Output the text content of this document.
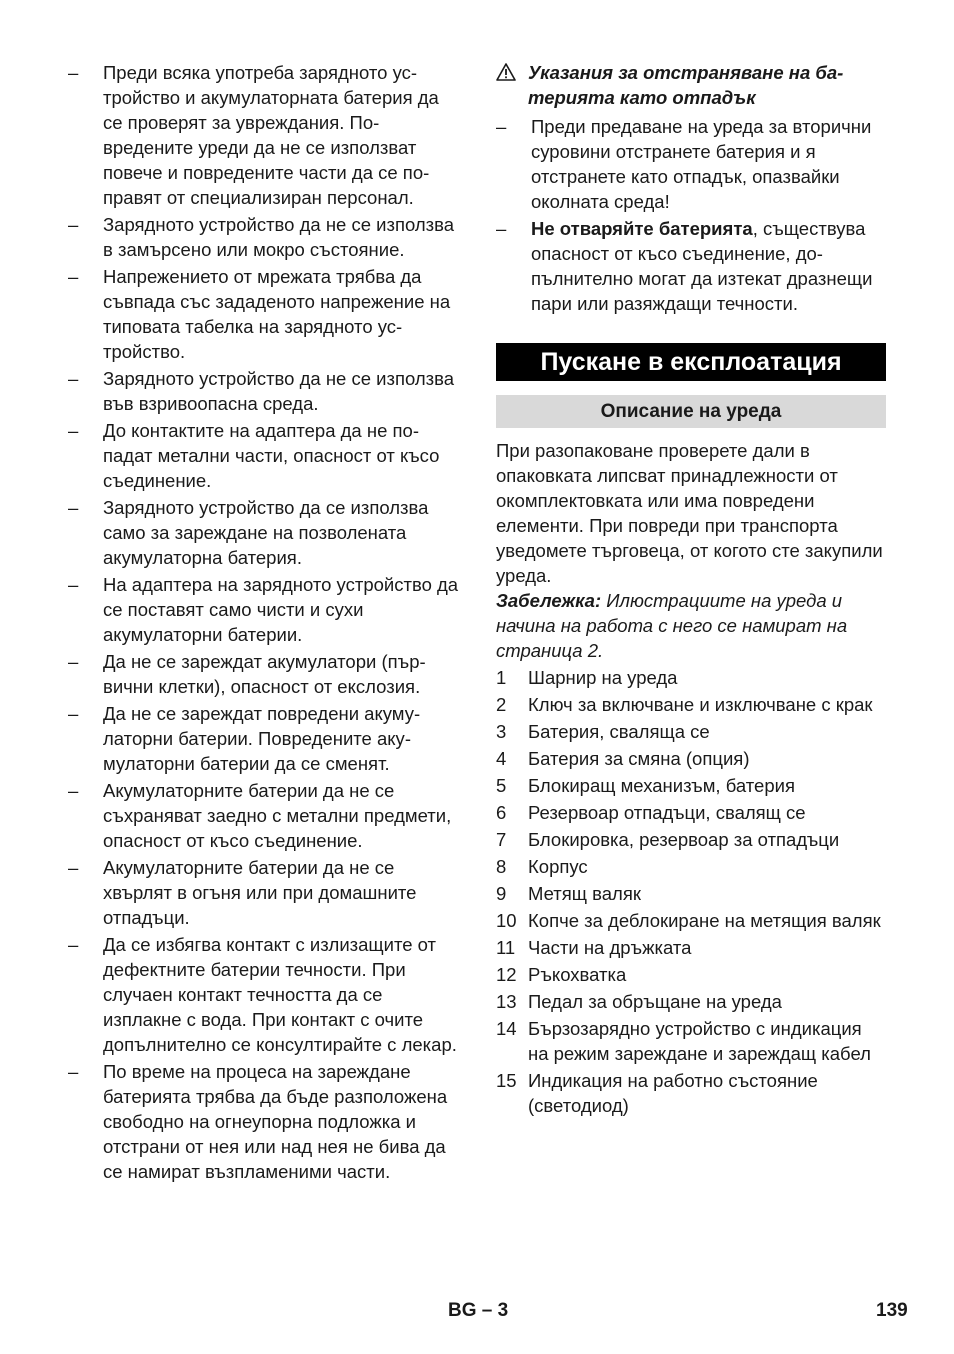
–	Преди всяка употреба зарядното устройство и акумулаторната батерия да се проверят за увреждания. Повредените уреди да не се използват повече и повредените части да се поправят от специализиран персонал.
–	Зарядното устройство да не се използва в замърсено или мокро състояние.
–	Напрежението от мрежата трябва да съвпада със зададеното напрежение на типовата табелка на зарядното устройство.
–	Зарядното устройство да не се използва във взривоопасна среда.
–	До контактите на адаптера да не попадат метални части, опасност от късо съединение.
–	Зарядното устройство да се използва само за зареждане на позволената акумулаторна батерия.
–	На адаптера на зарядното устройство да се поставят само чисти и сухи акумулаторни батерии.
–	Да не се зареждат акумулатори (първични клетки), опасност от екслозия.
–	Да не се зареждат повредени акумулаторни батерии. Повредените акумулаторни батерии да се сменят.
–	Акумулаторните батерии да не се съхраняват заедно с метални предмети, опасност от късо съединение.
–	Акумулаторните батерии да не се хвърлят в огъня или при домашните отпадъци.
–	Да се избягва контакт с излизащите от дефектните батерии течности. При случаен контакт течността да се изплакне с вода. При контакт с очите допълнително се консултирайте с лекар.
–	По време на процеса на зареждане батерията трябва да бъде разположена свободно на огнеупорна подложка и отстрани от нея или над нея не бива да се намират възпламеними части.
Указания за отстраняване на батерията като отпадък
–	Преди предаване на уреда за вторични суровини отстранете батерия и я отстранете като отпадък, опазвайки околната среда!
–	Не отваряйте батерията, съществува опасност от късо съединение, допълнително могат да изтекат дразнещи пари или разяждащи течности.
Пускане в експлоатация
Описание на уреда

При разопаковане проверете дали в опаковката липсват принадлежности от окомплектовката или има повредени елементи. При повреди при транспорта уведомете търговеца, от когото сте закупили уреда.

Забележка: Илюстрациите на уреда и начина на работа с него се намират на страница 2.

1	Шарнир на уреда
2	Ключ за включване и изключване с крак
3	Батерия, сваляща се
4	Батерия за смяна (опция)
5	Блокиращ механизъм, батерия
6	Резервоар отпадъци, свалящ се
7	Блокировка, резервоар за отпадъци
8	Корпус
9	Метящ валяк
10 Копче за деблокиране на метящия валяк
11 Части на дръжката
12 Ръкохватка
13 Педал за обръщане на уреда
14 Бързозарядно устройство с индикация на режим зареждане и зареждащ кабел
15 Индикация на работно състояние (светодиод)
BG – 3	139
